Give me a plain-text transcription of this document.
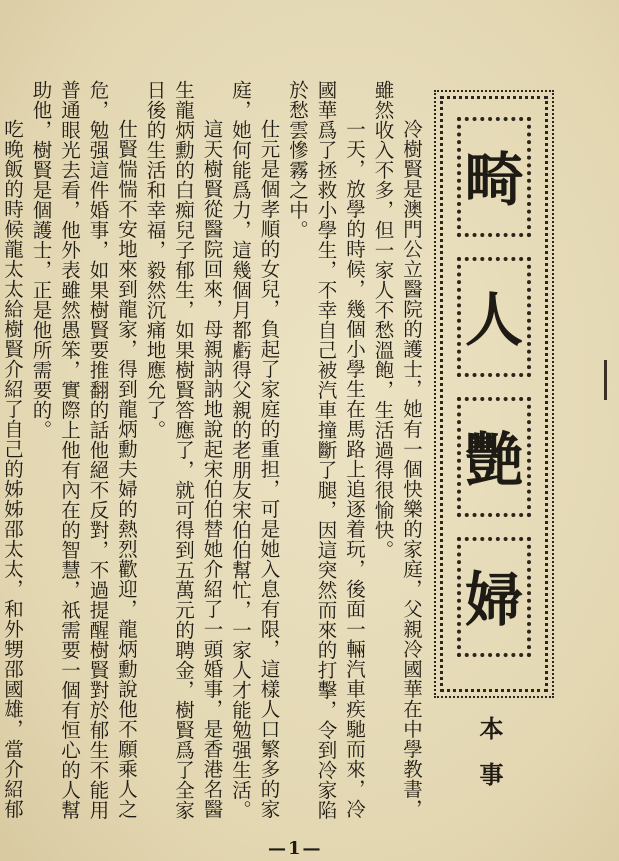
冷樹賢是澳門公立醫院的護士，她有一個快樂的家庭，父親冷國華在中學教書，雖然收入不多，但一家人不愁溫飽，生活過得很愉快。

一天，放學的時候，幾個小學生在馬路上追逐着玩，後面一輛汽車疾馳而來，冷國華爲了拯救小學生，不幸自己被汽車撞斷了腿，因這突然而來的打擊，令到冷家陷於愁雲慘霧之中。

仕元是個孝順的女兒，負起了家庭的重担，可是她入息有限，這樣人口繁多的家庭，她何能爲力，這幾個月都虧得父親的老朋友宋伯伯幫忙，一家人才能勉强生活。

這天樹賢從醫院回來，母親訥訥地說起宋伯伯替她介紹了一頭婚事，是香港名醫生龍炳勳的白痴兒子郁生，如果樹賢答應了，就可得到五萬元的聘金，樹賢爲了全家日後的生活和幸福，毅然沉痛地應允了。

仕賢惴惴不安地來到龍家，得到龍炳勳夫婦的熱烈歡迎，龍炳勳說他不願乘人之危，勉强這件婚事，如果樹賢要推翻的話他絕不反對，不過提醒樹賢對於郁生不能用普通眼光去看，他外表雖然愚笨，實際上他有內在的智慧，祇需要一個有恒心的人幫助他，樹賢是個護士，正是他所需要的。

吃晚飯的時候龍太太給樹賢介紹了自己的姊姊邵太太，和外甥邵國雄，當介紹郁

畸
人
艷
婦
本事
—1—
